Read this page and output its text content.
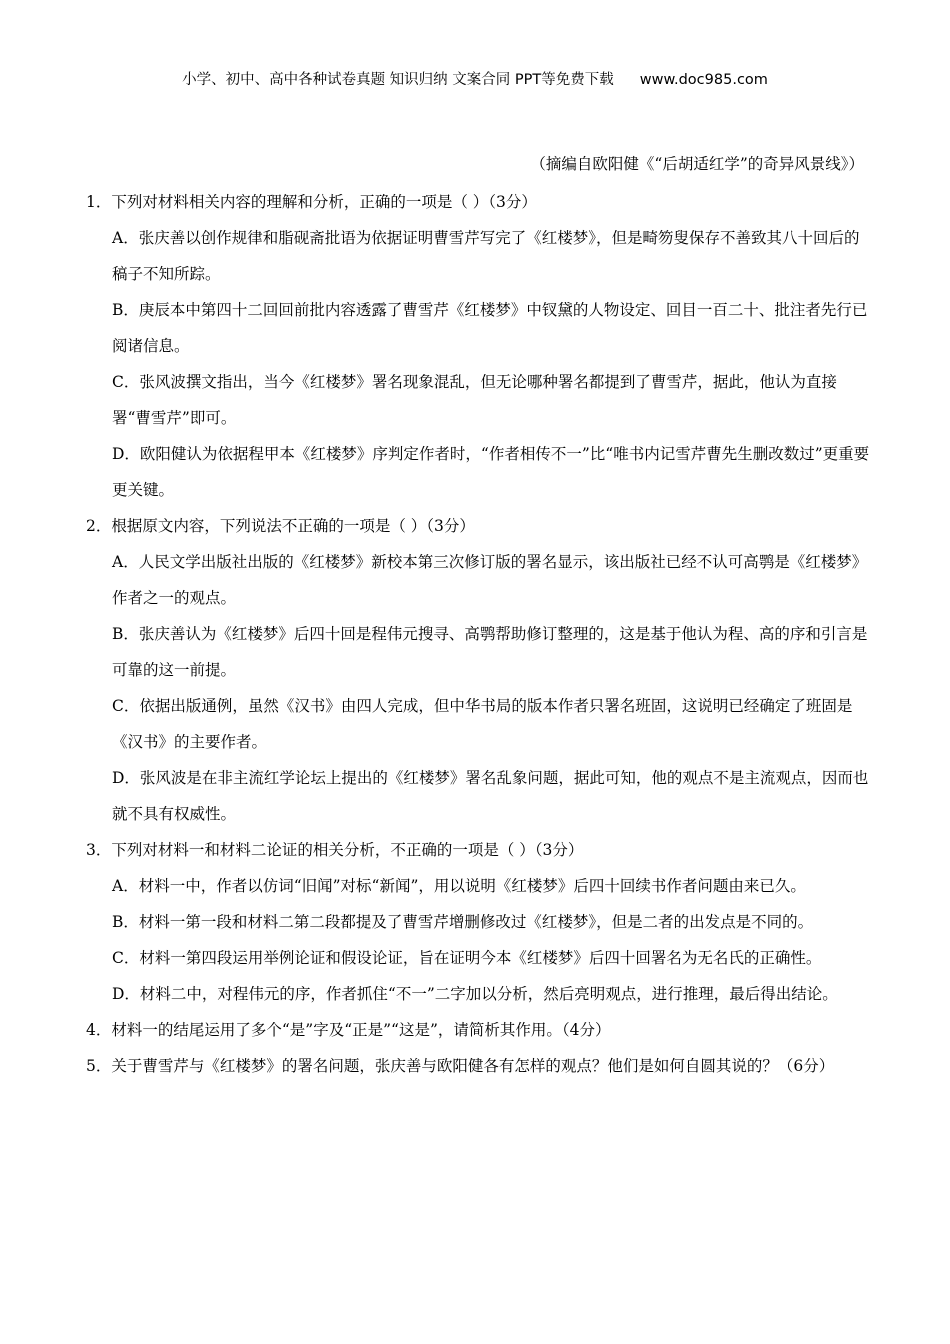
小学、初中、高中各种试卷真题 知识归纳 文案合同 PPT等免费下载 www.doc985.com
（摘编自欧阳健《“后胡适红学”的奇异风景线》）
1．下列对材料相关内容的理解和分析，正确的一项是（ ）（3分）
A．张庆善以创作规律和脂砚斋批语为依据证明曹雪芹写完了《红楼梦》，但是畸笏叟保存不善致其八十回后的稿子不知所踪。
B．庚辰本中第四十二回回前批内容透露了曹雪芹《红楼梦》中钗黛的人物设定、回目一百二十、批注者先行已阅诸信息。
C．张风波撰文指出，当今《红楼梦》署名现象混乱，但无论哪种署名都提到了曹雪芹，据此，他认为直接署“曹雪芹”即可。
D．欧阳健认为依据程甲本《红楼梦》序判定作者时，“作者相传不一”比“唯书内记雪芹曹先生删改数过”更重要更关键。
2．根据原文内容，下列说法不正确的一项是（ ）（3分）
A．人民文学出版社出版的《红楼梦》新校本第三次修订版的署名显示，该出版社已经不认可高鹗是《红楼梦》作者之一的观点。
B．张庆善认为《红楼梦》后四十回是程伟元搜寻、高鹗帮助修订整理的，这是基于他认为程、高的序和引言是可靠的这一前提。
C．依据出版通例，虽然《汉书》由四人完成，但中华书局的版本作者只署名班固，这说明已经确定了班固是《汉书》的主要作者。
D．张风波是在非主流红学论坛上提出的《红楼梦》署名乱象问题，据此可知，他的观点不是主流观点，因而也就不具有权威性。
3．下列对材料一和材料二论证的相关分析，不正确的一项是（ ）（3分）
A．材料一中，作者以仿词“旧闻”对标“新闻”，用以说明《红楼梦》后四十回续书作者问题由来已久。
B．材料一第一段和材料二第二段都提及了曹雪芹增删修改过《红楼梦》，但是二者的出发点是不同的。
C．材料一第四段运用举例论证和假设论证，旨在证明今本《红楼梦》后四十回署名为无名氏的正确性。
D．材料二中，对程伟元的序，作者抓住“不一”二字加以分析，然后亮明观点，进行推理，最后得出结论。
4．材料一的结尾运用了多个“是”字及“正是”“这是”，请简析其作用。（4分）
5．关于曹雪芹与《红楼梦》的署名问题，张庆善与欧阳健各有怎样的观点？他们是如何自圆其说的？（6分）
